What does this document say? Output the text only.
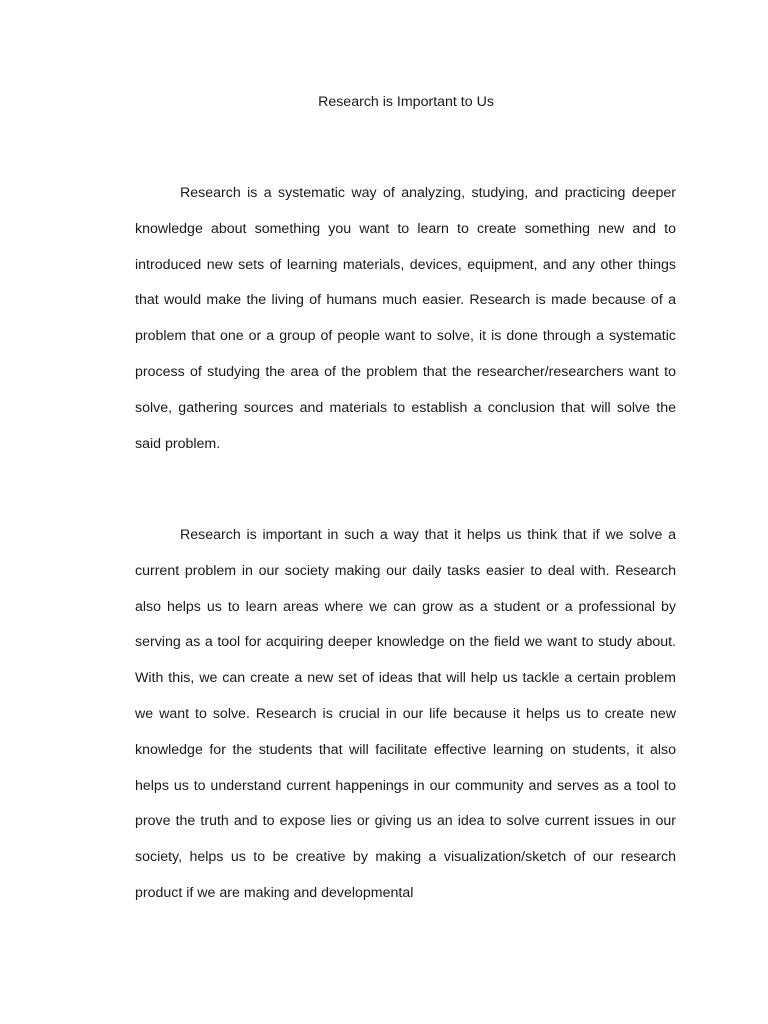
Research is Important to Us

Research is a systematic way of analyzing, studying, and practicing deeper knowledge about something you want to learn to create something new and to introduced new sets of learning materials, devices, equipment, and any other things that would make the living of humans much easier. Research is made because of a problem that one or a group of people want to solve, it is done through a systematic process of studying the area of the problem that the researcher/researchers want to solve, gathering sources and materials to establish a conclusion that will solve the said problem.

Research is important in such a way that it helps us think that if we solve a current problem in our society making our daily tasks easier to deal with. Research also helps us to learn areas where we can grow as a student or a professional by serving as a tool for acquiring deeper knowledge on the field we want to study about. With this, we can create a new set of ideas that will help us tackle a certain problem we want to solve. Research is crucial in our life because it helps us to create new knowledge for the students that will facilitate effective learning on students, it also helps us to understand current happenings in our community and serves as a tool to prove the truth and to expose lies or giving us an idea to solve current issues in our society, helps us to be creative by making a visualization/sketch of our research product if we are making and developmental
